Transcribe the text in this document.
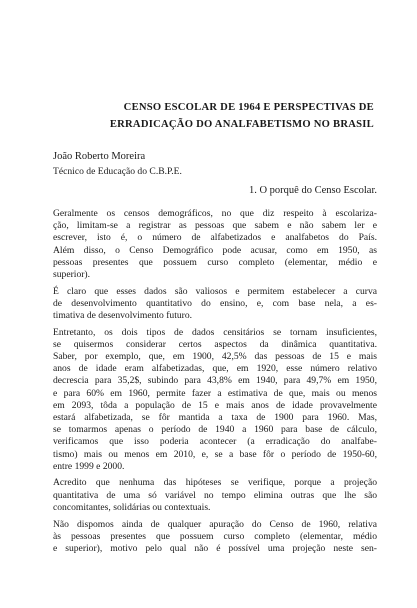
CENSO ESCOLAR DE 1964 E PERSPECTIVAS DE
ERRADICAÇÃO DO ANALFABETISMO NO BRASIL
João Roberto Moreira
Técnico de Educação do C.B.P.E.
1. O porquê do Censo Escolar.
Geralmente os censos demográficos, no que diz respeito à escolariza-
ção, limitam-se a registrar as pessoas que sabem e não sabem ler e
escrever, isto é, o número de alfabetizados e analfabetos do País.
Além disso, o Censo Demográfico pode acusar, como em 1950, as
pessoas presentes que possuem curso completo (elementar, médio e
superior).
É claro que esses dados são valiosos e permitem estabelecer a curva
de desenvolvimento quantitativo do ensino, e, com base nela, a es-
timativa de desenvolvimento futuro.
Entretanto, os dois tipos de dados censitários se tornam insuficientes,
se quisermos considerar certos aspectos da dinâmica quantitativa.
Saber, por exemplo, que, em 1900, 42,5% das pessoas de 15 e mais
anos de idade eram alfabetizadas, que, em 1920, esse número relativo
decrescia para 35,2$, subindo para 43,8% em 1940, para 49,7% em 1950,
e para 60% em 1960, permite fazer a estimativa de que, mais ou menos
em 2093, tôda a população de 15 e mais anos de idade provavelmente
estará alfabetizada, se fôr mantida a taxa de 1900 para 1960. Mas,
se tomarmos apenas o período de 1940 a 1960 para base de cálculo,
verificamos que isso poderia acontecer (a erradicação do analfabe-
tismo) mais ou menos em 2010, e, se a base fôr o período de 1950-60,
entre 1999 e 2000.
Acredito que nenhuma das hipóteses se verifique, porque a projeção
quantitativa de uma só variável no tempo elimina outras que lhe são
concomitantes, solidárias ou contextuais.
Não dispomos ainda de qualquer apuração do Censo de 1960, relativa
às pessoas presentes que possuem curso completo (elementar, médio
e superior), motivo pelo qual não é possível uma projeção neste sen-
